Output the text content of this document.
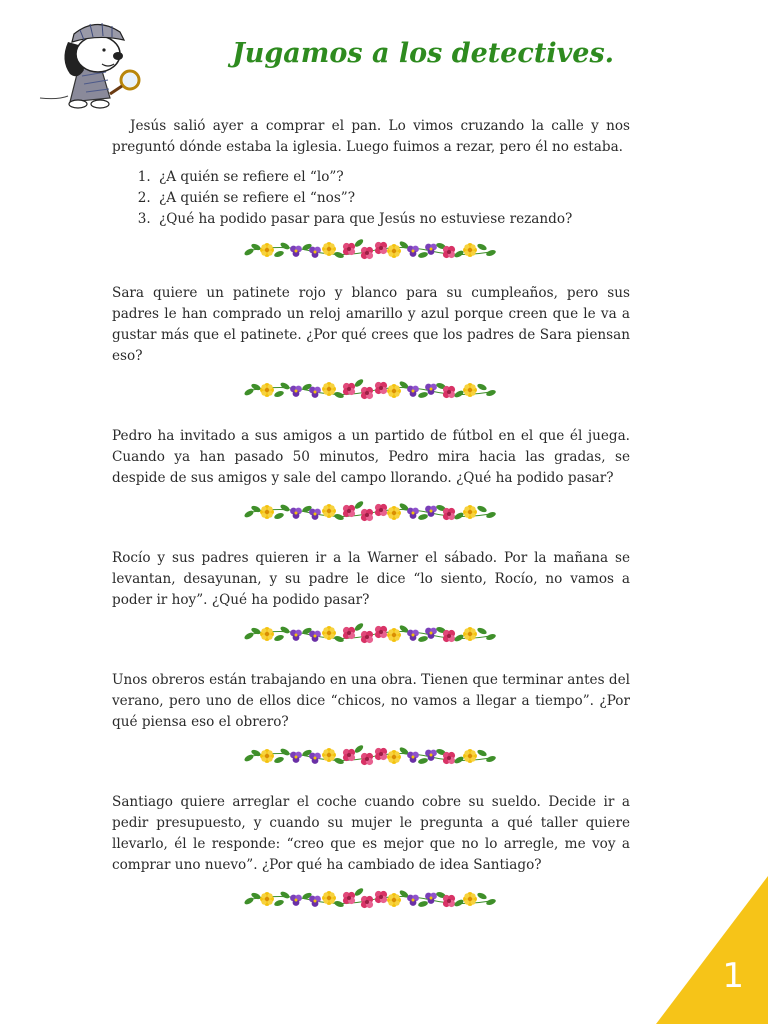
Jugamos a los detectives.

Jesús salió ayer a comprar el pan. Lo vimos cruzando la calle y nos preguntó dónde estaba la iglesia. Luego fuimos a rezar, pero él no estaba.

1. ¿A quién se refiere el “lo”?
2. ¿A quién se refiere el “nos”?
3. ¿Qué ha podido pasar para que Jesús no estuviese rezando?

Sara quiere un patinete rojo y blanco para su cumpleaños, pero sus padres le han comprado un reloj amarillo y azul porque creen que le va a gustar más que el patinete. ¿Por qué crees que los padres de Sara piensan eso?

Pedro ha invitado a sus amigos a un partido de fútbol en el que él juega. Cuando ya han pasado 50 minutos, Pedro mira hacia las gradas, se despide de sus amigos y sale del campo llorando. ¿Qué ha podido pasar?

Rocío y sus padres quieren ir a la Warner el sábado. Por la mañana se levantan, desayunan, y su padre le dice “lo siento, Rocío, no vamos a poder ir hoy”. ¿Qué ha podido pasar?

Unos obreros están trabajando en una obra. Tienen que terminar antes del verano, pero uno de ellos dice “chicos, no vamos a llegar a tiempo”. ¿Por qué piensa eso el obrero?

Santiago quiere arreglar el coche cuando cobre su sueldo. Decide ir a pedir presupuesto, y cuando su mujer le pregunta a qué taller quiere llevarlo, él le responde: “creo que es mejor que no lo arregle, me voy a comprar uno nuevo”. ¿Por qué ha cambiado de idea Santiago?

1
